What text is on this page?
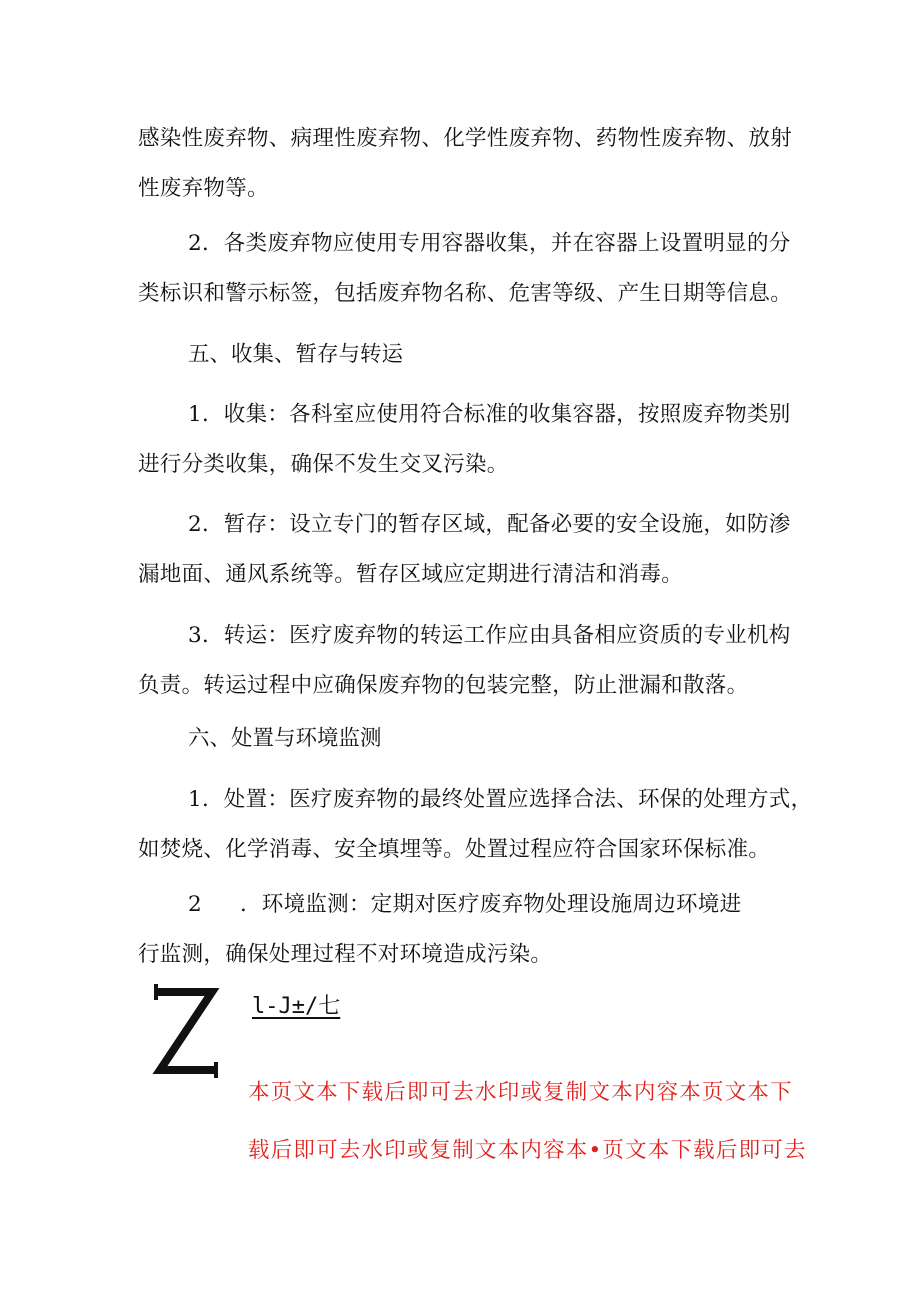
感染性废弃物、病理性废弃物、化学性废弃物、药物性废弃物、放射
性废弃物等。
2．各类废弃物应使用专用容器收集，并在容器上设置明显的分
类标识和警示标签，包括废弃物名称、危害等级、产生日期等信息。
五、收集、暂存与转运
1．收集：各科室应使用符合标准的收集容器，按照废弃物类别
进行分类收集，确保不发生交叉污染。
2．暂存：设立专门的暂存区域，配备必要的安全设施，如防渗
漏地面、通风系统等。暂存区域应定期进行清洁和消毒。
3．转运：医疗废弃物的转运工作应由具备相应资质的专业机构
负责。转运过程中应确保废弃物的包装完整，防止泄漏和散落。
六、处置与环境监测
1．处置：医疗废弃物的最终处置应选择合法、环保的处理方式，
如焚烧、化学消毒、安全填埋等。处置过程应符合国家环保标准。
2 ．环境监测：定期对医疗废弃物处理设施周边环境进
行监测，确保处理过程不对环境造成污染。
l-J±/七
本页文本下载后即可去水印或复制文本内容本页文本下
载后即可去水印或复制文本内容本•页文本下载后即可去
